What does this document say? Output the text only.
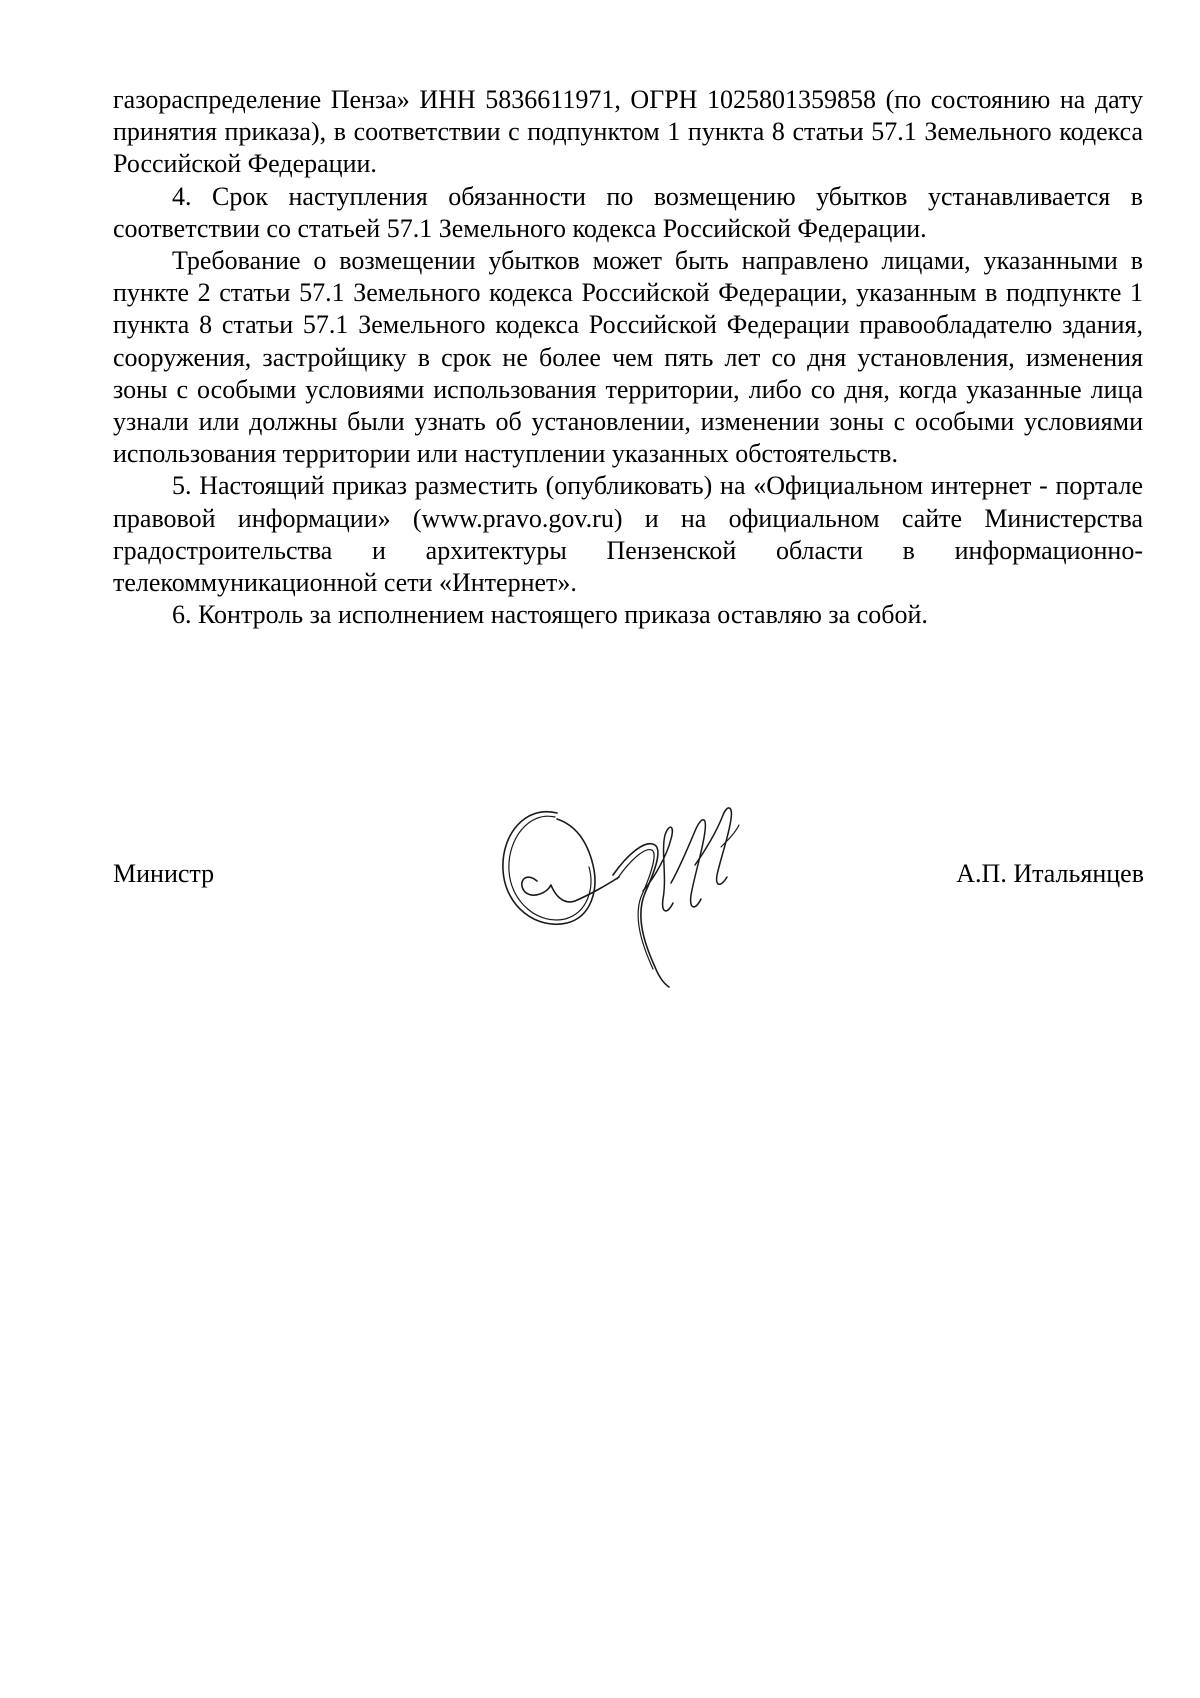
газораспределение Пенза» ИНН 5836611971, ОГРН 1025801359858 (по состоянию на дату принятия приказа), в соответствии с подпунктом 1 пункта 8 статьи 57.1 Земельного кодекса Российской Федерации.

4. Срок наступления обязанности по возмещению убытков устанавливается в соответствии со статьей 57.1 Земельного кодекса Российской Федерации.

Требование о возмещении убытков может быть направлено лицами, указанными в пункте 2 статьи 57.1 Земельного кодекса Российской Федерации, указанным в подпункте 1 пункта 8 статьи 57.1 Земельного кодекса Российской Федерации правообладателю здания, сооружения, застройщику в срок не более чем пять лет со дня установления, изменения зоны с особыми условиями использования территории, либо со дня, когда указанные лица узнали или должны были узнать об установлении, изменении зоны с особыми условиями использования территории или наступлении указанных обстоятельств.

5. Настоящий приказ разместить (опубликовать) на «Официальном интернет - портале правовой информации» (www.pravo.gov.ru) и на официальном сайте Министерства градостроительства и архитектуры Пензенской области в информационно-телекоммуникационной сети «Интернет».

6. Контроль за исполнением настоящего приказа оставляю за собой.

Министр	А.П. Итальянцев
